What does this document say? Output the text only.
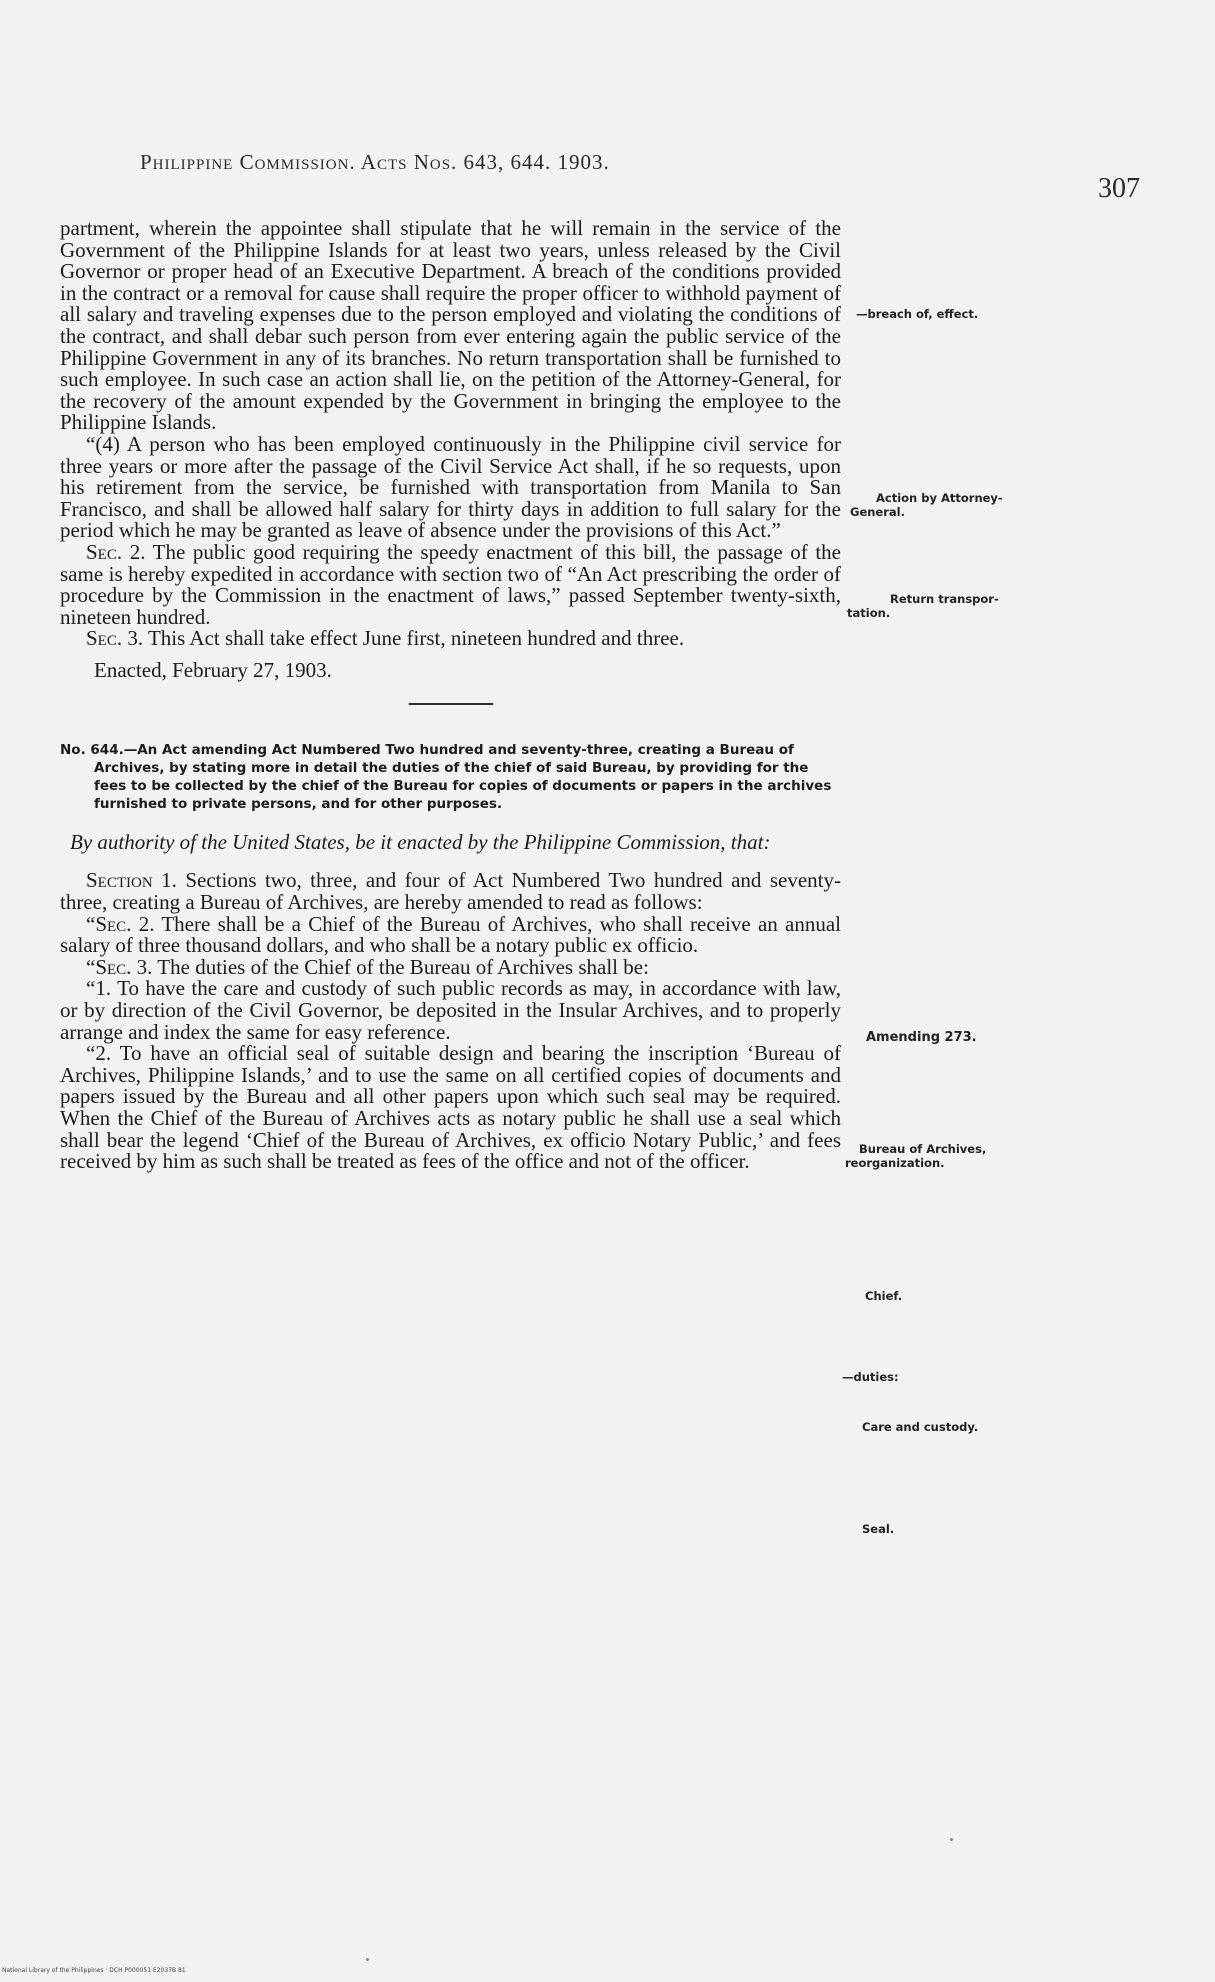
Philippine Commission. Acts Nos. 643, 644. 1903.
307

partment, wherein the appointee shall stipulate that he will remain in the service of the Government of the Philippine Islands for at least two years, unless released by the Civil Governor or proper head of an Executive Department. A breach of the conditions provided in the contract or a removal for cause shall require the proper officer to withhold payment of all salary and traveling expenses due to the person employed and violating the conditions of the contract, and shall debar such person from ever entering again the public service of the Philippine Government in any of its branches. No return transportation shall be furnished to such employee. In such case an action shall lie, on the petition of the Attorney-General, for the recovery of the amount expended by the Government in bringing the employee to the Philippine Islands.

“(4) A person who has been employed continuously in the Philippine civil service for three years or more after the passage of the Civil Service Act shall, if he so requests, upon his retirement from the service, be furnished with transportation from Manila to San Francisco, and shall be allowed half salary for thirty days in addition to full salary for the period which he may be granted as leave of absence under the provisions of this Act.”

Sec. 2. The public good requiring the speedy enactment of this bill, the passage of the same is hereby expedited in accordance with section two of “An Act prescribing the order of procedure by the Commission in the enactment of laws,” passed September twenty-sixth, nineteen hundred.

Sec. 3. This Act shall take effect June first, nineteen hundred and three.

Enacted, February 27, 1903.

No. 644.—An Act amending Act Numbered Two hundred and seventy-three, creating a Bureau of Archives, by stating more in detail the duties of the chief of said Bureau, by providing for the fees to be collected by the chief of the Bureau for copies of documents or papers in the archives furnished to private persons, and for other purposes.

By authority of the United States, be it enacted by the Philippine Commission, that:

Section 1. Sections two, three, and four of Act Numbered Two hundred and seventy-three, creating a Bureau of Archives, are hereby amended to read as follows:

“Sec. 2. There shall be a Chief of the Bureau of Archives, who shall receive an annual salary of three thousand dollars, and who shall be a notary public ex officio.

“Sec. 3. The duties of the Chief of the Bureau of Archives shall be:

“1. To have the care and custody of such public records as may, in accordance with law, or by direction of the Civil Governor, be deposited in the Insular Archives, and to properly arrange and index the same for easy reference.

“2. To have an official seal of suitable design and bearing the inscription ‘Bureau of Archives, Philippine Islands,’ and to use the same on all certified copies of documents and papers issued by the Bureau and all other papers upon which such seal may be required. When the Chief of the Bureau of Archives acts as notary public he shall use a seal which shall bear the legend ‘Chief of the Bureau of Archives, ex officio Notary Public,’ and fees received by him as such shall be treated as fees of the office and not of the officer.

—breach of, effect.
Action by Attorney-
General.
Return transpor-
tation.
Amending 273.
Bureau of Archives,
reorganization.
Chief.
—duties:
Care and custody.
Seal.
National Library of the Philippines · DCH P000051 E2037B 81
